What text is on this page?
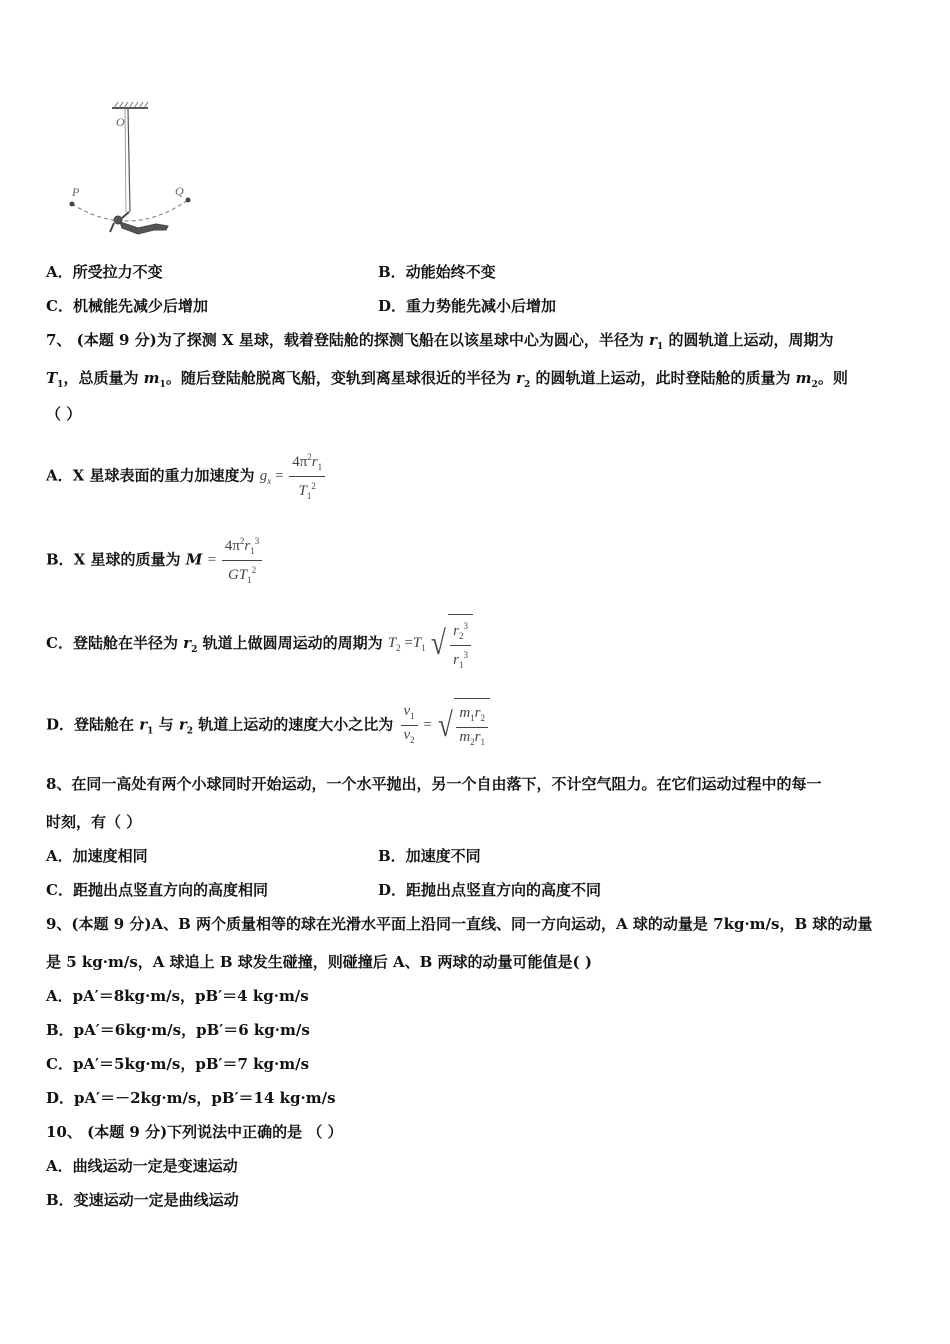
O
P	Q
A．所受拉力不变	B．动能始终不变
C．机械能先减少后增加	D．重力势能先减小后增加
7、 (本题 9 分)为了探测 X 星球，载着登陆舱的探测飞船在以该星球中心为圆心，半径为 $r_1$ 的圆轨道上运动，周期为
$T_1$，总质量为 $m_1$。随后登陆舱脱离飞船，变轨到离星球很近的半径为 $r_2$ 的圆轨道上运动，此时登陆舱的质量为 $m_2$。则
（ ）
A．X 星球表面的重力加速度为 $g_x = \frac{4\pi^2r_1}{T_1^2}$
B．X 星球的质量为 $M = \frac{4\pi^2r_1^3}{GT_1^2}$
C．登陆舱在半径为 $r_2$ 轨道上做圆周运动的周期为 $T_2 =T_1$ √ $\frac{r_2^3}{r_1^3}$
D．登陆舱在 $r_1$ 与 $r_2$ 轨道上运动的速度大小之比为 $\frac{v_1}{v_2}$ = √ $\frac{m_1r_2}{m_2r_1}$
8、在同一高处有两个小球同时开始运动，一个水平抛出，另一个自由落下，不计空气阻力。在它们运动过程中的每一
时刻，有（ ）
A．加速度相同	B．加速度不同
C．距抛出点竖直方向的高度相同	D．距抛出点竖直方向的高度不同
9、(本题 9 分)A、B 两个质量相等的球在光滑水平面上沿同一直线、同一方向运动，A 球的动量是 7kg·m/s，B 球的动量
是 5 kg·m/s，A 球追上 B 球发生碰撞，则碰撞后 A、B 两球的动量可能值是( )
A．pA′＝8kg·m/s，pB′＝4 kg·m/s
B．pA′＝6kg·m/s，pB′＝6 kg·m/s
C．pA′＝5kg·m/s，pB′＝7 kg·m/s
D．pA′＝－2kg·m/s，pB′＝14 kg·m/s
10、 (本题 9 分)下列说法中正确的是 （ ）
A．曲线运动一定是变速运动
B．变速运动一定是曲线运动
